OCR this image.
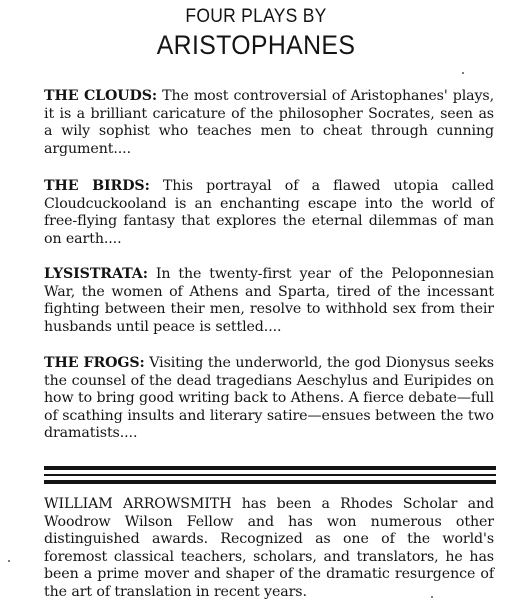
FOUR PLAYS BY
ARISTOPHANES
THE CLOUDS: The most controversial of Aristophanes' plays, it is a brilliant caricature of the philosopher Socrates, seen as a wily sophist who teaches men to cheat through cunning argument....
THE BIRDS: This portrayal of a flawed utopia called Cloudcuckooland is an enchanting escape into the world of free-flying fantasy that explores the eternal dilemmas of man on earth....
LYSISTRATA: In the twenty-first year of the Peloponnesian War, the women of Athens and Sparta, tired of the incessant fighting between their men, resolve to withhold sex from their husbands until peace is settled....
THE FROGS: Visiting the underworld, the god Dionysus seeks the counsel of the dead tragedians Aeschylus and Euripides on how to bring good writing back to Athens. A fierce debate—full of scathing insults and literary satire—ensues between the two dramatists....
WILLIAM ARROWSMITH has been a Rhodes Scholar and Woodrow Wilson Fellow and has won numerous other distinguished awards. Recognized as one of the world's foremost classical teachers, scholars, and translators, he has been a prime mover and shaper of the dramatic resurgence of the art of translation in recent years.
